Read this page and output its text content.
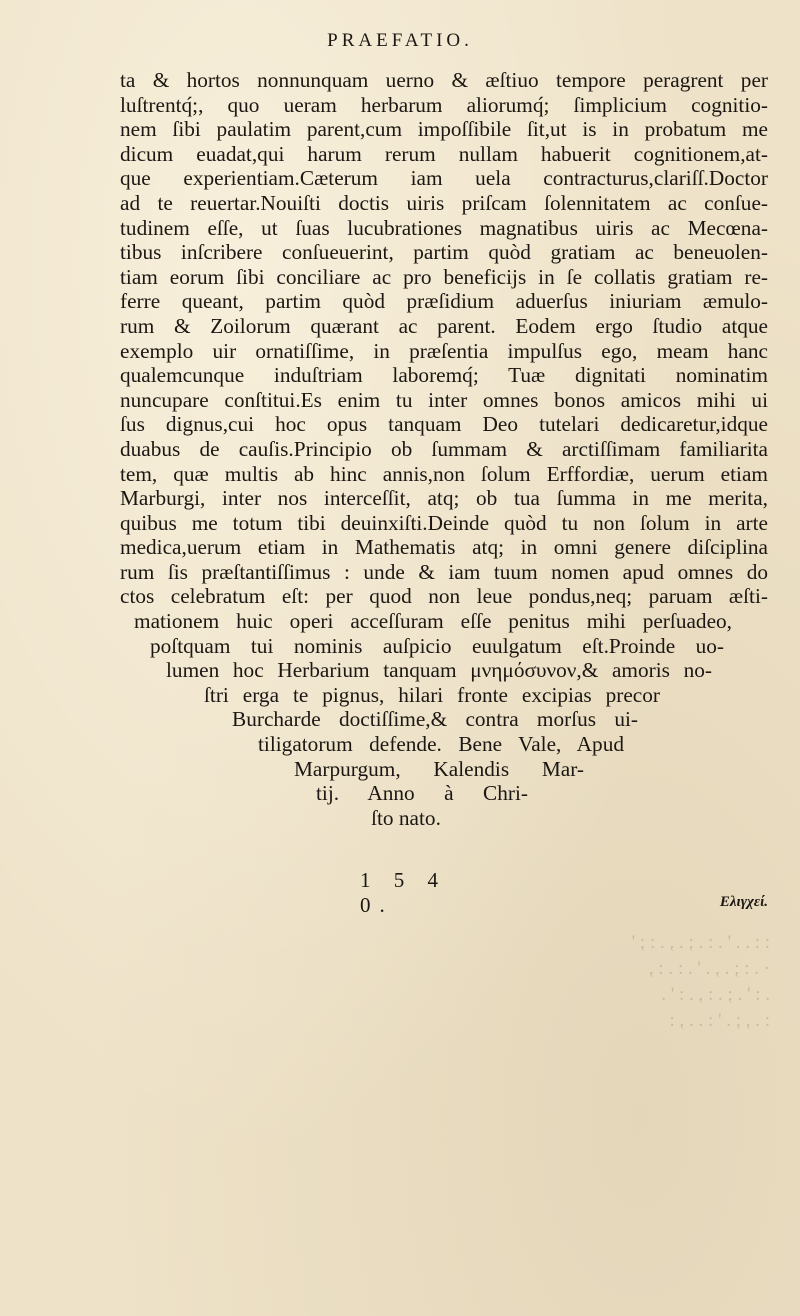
PRAEFATIO.
ta & hortos nonnunquam uerno & æſtiuo tempore peragrent per
luſtrentq́;, quo ueram herbarum aliorumq́; ſimplicium cognitio-
nem ſibi paulatim parent,cum impoſſibile ſit,ut is in probatum me
dicum euadat,qui harum rerum nullam habuerit cognitionem,at-
que experientiam.Cæterum iam uela contracturus,clariſſ.Doctor
ad te reuertar.Nouiſti doctis uiris priſcam ſolennitatem ac conſue-
tudinem eſſe, ut ſuas lucubrationes magnatibus uiris ac Mecœna-
tibus inſcribere conſueuerint, partim quòd gratiam ac beneuolen-
tiam eorum ſibi conciliare ac pro beneficijs in ſe collatis gratiam re-
ferre queant, partim quòd præſidium aduerſus iniuriam æmulo-
rum & Zoilorum quærant ac parent. Eodem ergo ſtudio atque
exemplo uir ornatiſſime, in præſentia impulſus ego, meam hanc
qualemcunque induſtriam laboremq́; Tuæ dignitati nominatim
nuncupare conſtitui.Es enim tu inter omnes bonos amicos mihi ui
ſus dignus,cui hoc opus tanquam Deo tutelari dedicaretur,idque
duabus de cauſis.Principio ob ſummam & arctiſſimam familiarita
tem, quæ multis ab hinc annis,non ſolum Erffordiæ, uerum etiam
Marburgi, inter nos interceſſit, atq; ob tua ſumma in me merita,
quibus me totum tibi deuinxiſti.Deinde quòd tu non ſolum in arte
medica,uerum etiam in Mathematis atq; in omni genere diſciplina
rum ſis præſtantiſſimus : unde & iam tuum nomen apud omnes do
ctos celebratum eſt: per quod non leue pondus,neq; paruam æſti-
mationem huic operi acceſſuram eſſe penitus mihi perſuadeo,
poſtquam tui nominis auſpicio euulgatum eſt.Proinde uo-
lumen hoc Herbarium tanquam μνημόσυνον,& amoris no-
ſtri erga te pignus, hilari fronte excipias precor
Burcharde doctiſſime,& contra morſus ui-
tiligatorum defende. Bene Vale, Apud
Marpurgum, Kalendis Mar-
tij. Anno à Chri-
ſto nato.
1 5 4 0.	Ελιγχεί.
: : . . ' . : . ; . , . : ; '
· . : ; . , . ' . : . : ,
. : ' . ; . : , . : ' .
: . , ; . ' : . . , :
